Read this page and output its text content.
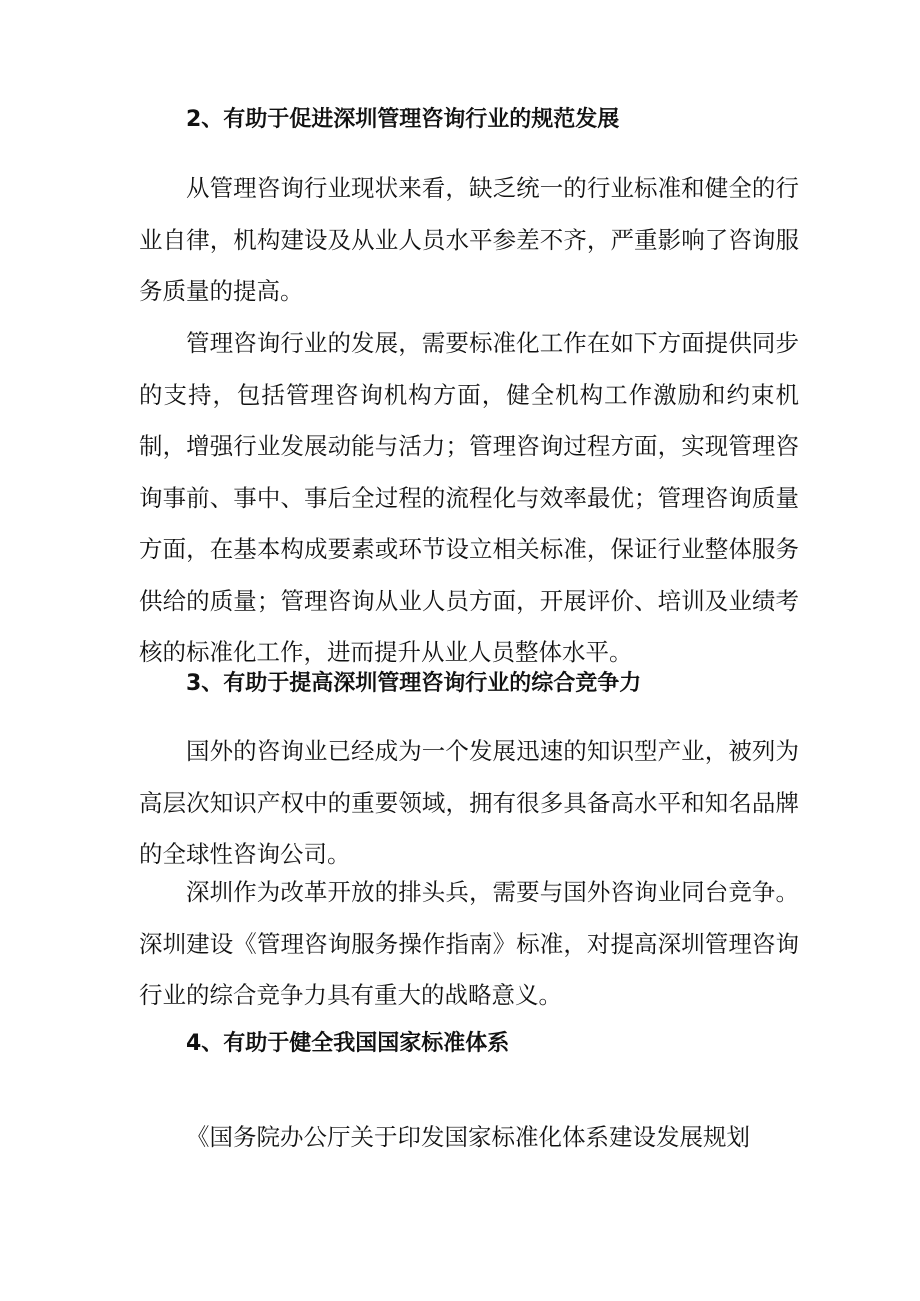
2、有助于促进深圳管理咨询行业的规范发展

从管理咨询行业现状来看，缺乏统一的行业标准和健全的行业自律，机构建设及从业人员水平参差不齐，严重影响了咨询服务质量的提高。

管理咨询行业的发展，需要标准化工作在如下方面提供同步的支持，包括管理咨询机构方面，健全机构工作激励和约束机制，增强行业发展动能与活力；管理咨询过程方面，实现管理咨询事前、事中、事后全过程的流程化与效率最优；管理咨询质量方面，在基本构成要素或环节设立相关标准，保证行业整体服务供给的质量；管理咨询从业人员方面，开展评价、培训及业绩考核的标准化工作，进而提升从业人员整体水平。

3、有助于提高深圳管理咨询行业的综合竞争力

国外的咨询业已经成为一个发展迅速的知识型产业，被列为高层次知识产权中的重要领域，拥有很多具备高水平和知名品牌的全球性咨询公司。

深圳作为改革开放的排头兵，需要与国外咨询业同台竞争。深圳建设《管理咨询服务操作指南》标准，对提高深圳管理咨询行业的综合竞争力具有重大的战略意义。

4、有助于健全我国国家标准体系

《国务院办公厅关于印发国家标准化体系建设发展规划
